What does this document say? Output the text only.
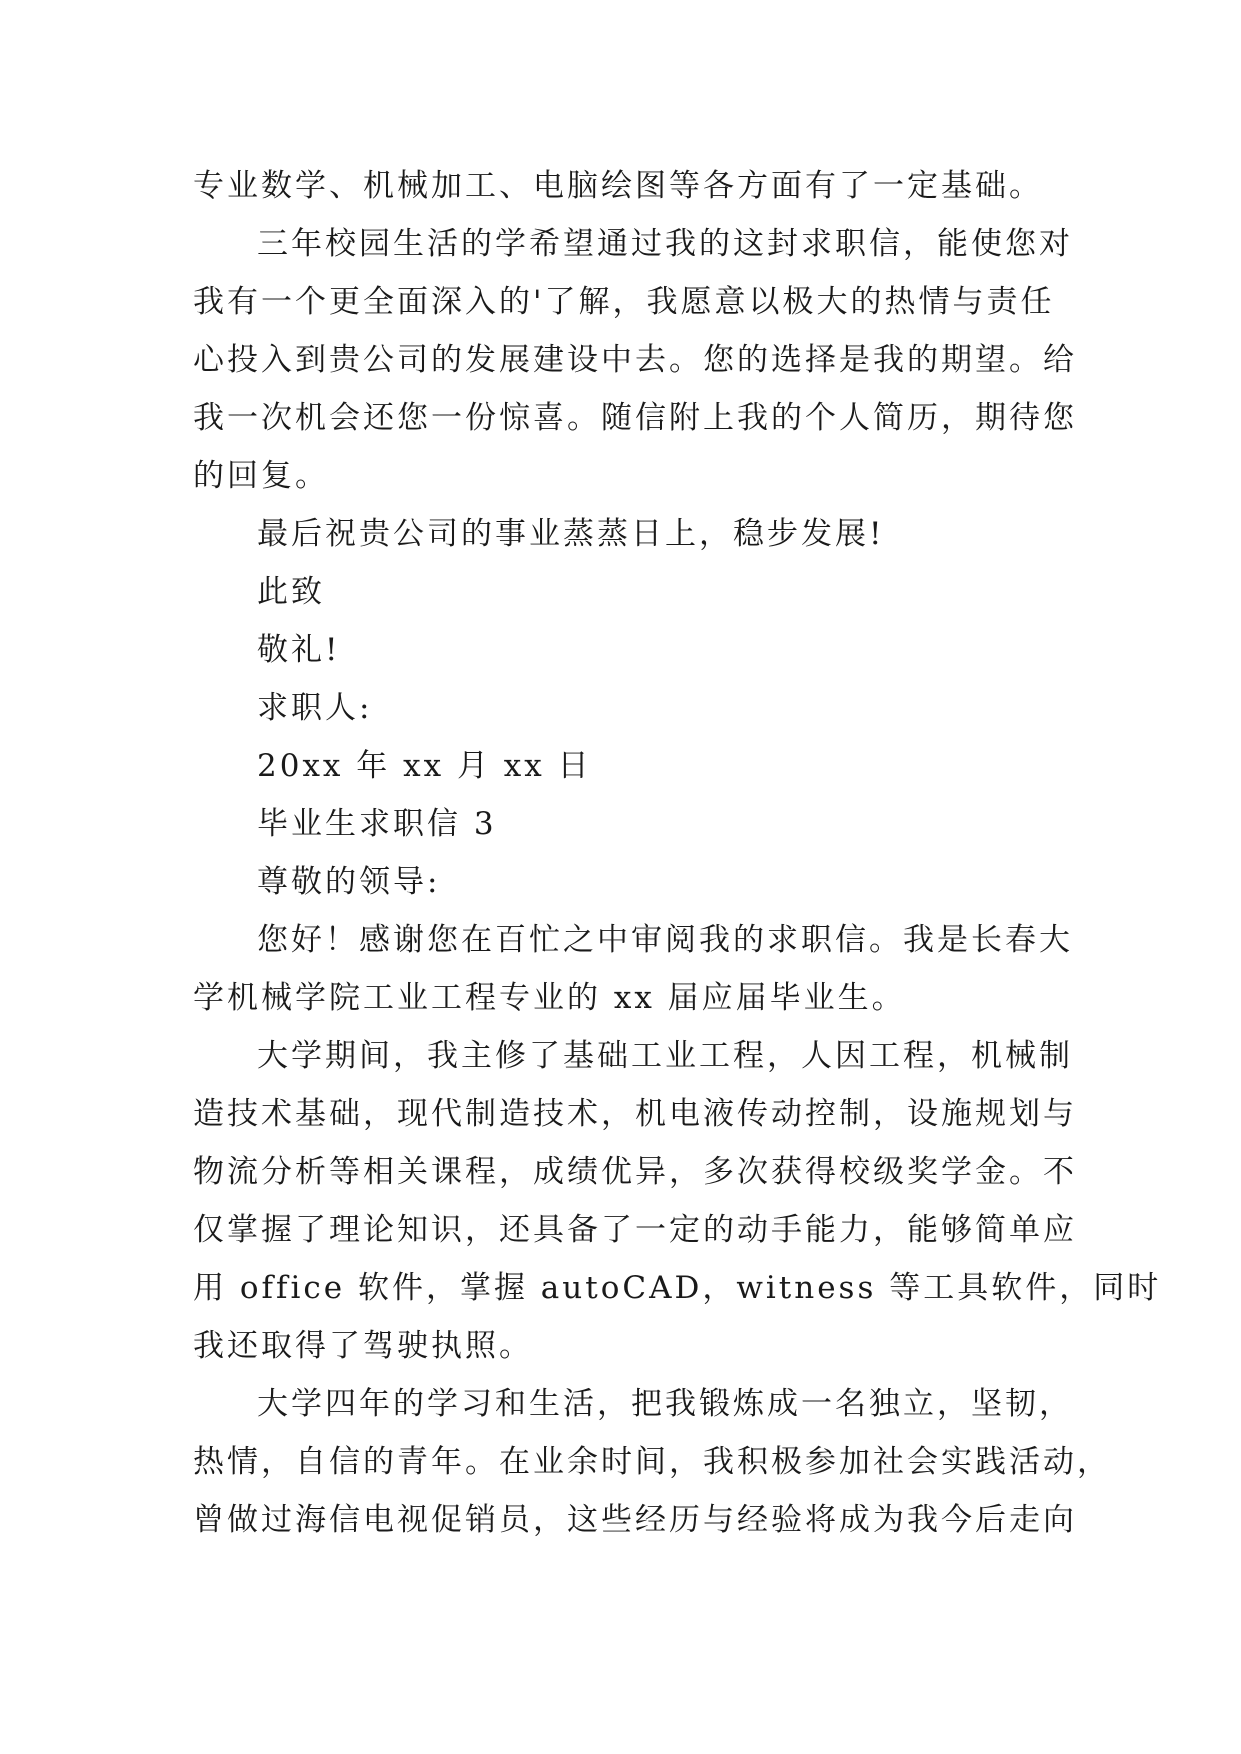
专业数学、机械加工、电脑绘图等各方面有了一定基础。
三年校园生活的学希望通过我的这封求职信，能使您对
我有一个更全面深入的'了解，我愿意以极大的热情与责任
心投入到贵公司的发展建设中去。您的选择是我的期望。给
我一次机会还您一份惊喜。随信附上我的个人简历，期待您
的回复。
最后祝贵公司的事业蒸蒸日上，稳步发展!
此致
敬礼!
求职人:
20xx 年 xx 月 xx 日
毕业生求职信 3
尊敬的领导:
您好！感谢您在百忙之中审阅我的求职信。我是长春大
学机械学院工业工程专业的 xx 届应届毕业生。
大学期间，我主修了基础工业工程，人因工程，机械制
造技术基础，现代制造技术，机电液传动控制，设施规划与
物流分析等相关课程，成绩优异，多次获得校级奖学金。不
仅掌握了理论知识，还具备了一定的动手能力，能够简单应
用 office 软件，掌握 autoCAD，witness 等工具软件，同时
我还取得了驾驶执照。
大学四年的学习和生活，把我锻炼成一名独立，坚韧，
热情，自信的青年。在业余时间，我积极参加社会实践活动，
曾做过海信电视促销员，这些经历与经验将成为我今后走向
